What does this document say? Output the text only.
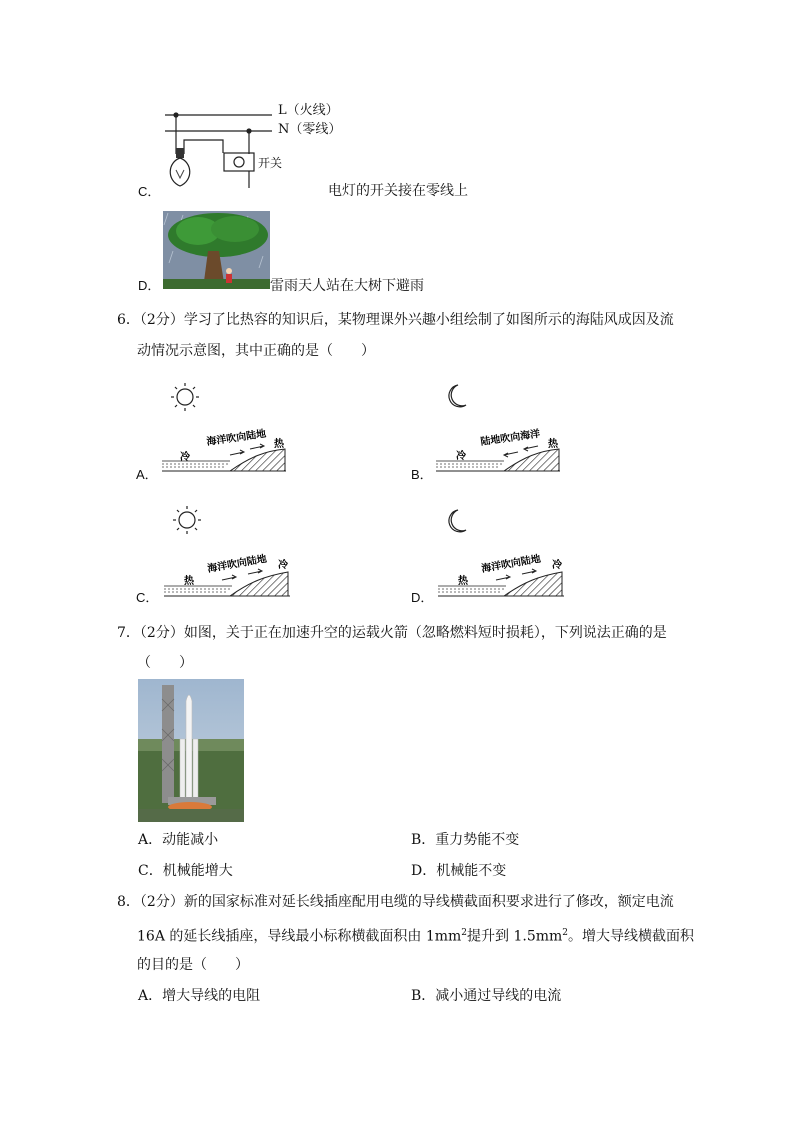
L（火线）
N（零线）
开关
C．	电灯的开关接在零线上
D．	雷雨天人站在大树下避雨
6．（2分）学习了比热容的知识后，某物理课外兴趣小组绘制了如图所示的海陆风成因及流
动情况示意图，其中正确的是（　　）
A．
海洋吹向陆地
冷
热
B．
陆地吹向海洋
冷
热
C．
海洋吹向陆地
热
冷
D．
海洋吹向陆地
热
冷
7．（2分）如图，关于正在加速升空的运载火箭（忽略燃料短时损耗），下列说法正确的是
（　　）
A．动能减小	B．重力势能不变
C．机械能增大	D．机械能不变
8．（2分）新的国家标准对延长线插座配用电缆的导线横截面积要求进行了修改，额定电流
16A 的延长线插座，导线最小标称横截面积由 $1mm^2$提升到 $1.5mm^2$。增大导线横截面积
的目的是（　　）
A．增大导线的电阻	B．减小通过导线的电流
